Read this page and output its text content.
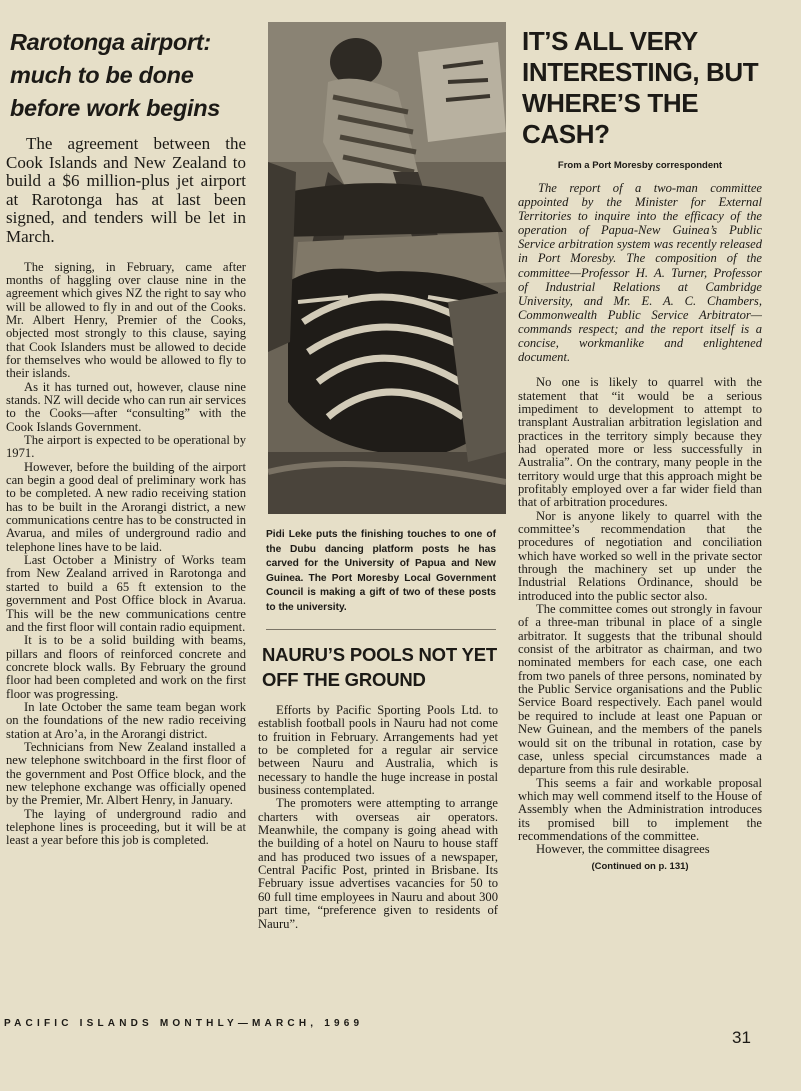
Rarotonga airport: much to be done before work begins
The agreement between the Cook Islands and New Zealand to build a $6 million-plus jet airport at Rarotonga has at last been signed, and tenders will be let in March.

The signing, in February, came after months of haggling over clause nine in the agreement which gives NZ the right to say who will be allowed to fly in and out of the Cooks. Mr. Albert Henry, Premier of the Cooks, objected most strongly to this clause, saying that Cook Islanders must be allowed to decide for themselves who would be allowed to fly to their islands.

As it has turned out, however, clause nine stands. NZ will decide who can run air services to the Cooks—after “consulting” with the Cook Islands Government.

The airport is expected to be operational by 1971.

However, before the building of the airport can begin a good deal of preliminary work has to be completed. A new radio receiving station has to be built in the Arorangi district, a new communications centre has to be constructed in Avarua, and miles of underground radio and telephone lines have to be laid.

Last October a Ministry of Works team from New Zealand arrived in Rarotonga and started to build a 65 ft extension to the government and Post Office block in Avarua. This will be the new communications centre and the first floor will contain radio equipment.

It is to be a solid building with beams, pillars and floors of reinforced concrete and concrete block walls. By February the ground floor had been completed and work on the first floor was progressing.

In late October the same team began work on the foundations of the new radio receiving station at Aro’a, in the Arorangi district.

Technicians from New Zealand installed a new telephone switchboard in the first floor of the government and Post Office block, and the new telephone exchange was officially opened by the Premier, Mr. Albert Henry, in January.

The laying of underground radio and telephone lines is proceeding, but it will be at least a year before this job is completed.

Pidi Leke puts the finishing touches to one of the Dubu dancing platform posts he has carved for the University of Papua and New Guinea. The Port Moresby Local Government Council is making a gift of two of these posts to the university.
NAURU’S POOLS NOT YET OFF THE GROUND

Efforts by Pacific Sporting Pools Ltd. to establish football pools in Nauru had not come to fruition in February. Arrangements had yet to be completed for a regular air service between Nauru and Australia, which is necessary to handle the huge increase in postal business contemplated.

The promoters were attempting to arrange charters with overseas air operators. Meanwhile, the company is going ahead with the building of a hotel on Nauru to house staff and has produced two issues of a newspaper, Central Pacific Post, printed in Brisbane. Its February issue advertises vacancies for 50 to 60 full time employees in Nauru and about 300 part time, “preference given to residents of Nauru”.

IT’S ALL VERY INTERESTING, BUT WHERE’S THE CASH?
From a Port Moresby correspondent
The report of a two-man committee appointed by the Minister for External Territories to inquire into the efficacy of the operation of Papua-New Guinea’s Public Service arbitration system was recently released in Port Moresby. The composition of the committee—Professor H. A. Turner, Professor of Industrial Relations at Cambridge University, and Mr. E. A. C. Chambers, Commonwealth Public Service Arbitrator—commands respect; and the report itself is a concise, workmanlike and enlightened document.

No one is likely to quarrel with the statement that “it would be a serious impediment to development to attempt to transplant Australian arbitration legislation and practices in the territory simply because they had operated more or less successfully in Australia”. On the contrary, many people in the territory would urge that this approach might be profitably employed over a far wider field than that of arbitration procedures.

Nor is anyone likely to quarrel with the committee’s recommendation that the procedures of negotiation and conciliation which have worked so well in the private sector through the machinery set up under the Industrial Relations Ordinance, should be introduced into the public sector also.

The committee comes out strongly in favour of a three-man tribunal in place of a single arbitrator. It suggests that the tribunal should consist of the arbitrator as chairman, and two nominated members for each case, one each from two panels of three persons, nominated by the Public Service organisations and the Public Service Board respectively. Each panel would be required to include at least one Papuan or New Guinean, and the members of the panels would sit on the tribunal in rotation, case by case, unless special circumstances made a departure from this rule desirable.

This seems a fair and workable proposal which may well commend itself to the House of Assembly when the Administration introduces its promised bill to implement the recommendations of the committee.

However, the committee disagrees

(Continued on p. 131)
PACIFIC ISLANDS MONTHLY—MARCH, 1969
31
